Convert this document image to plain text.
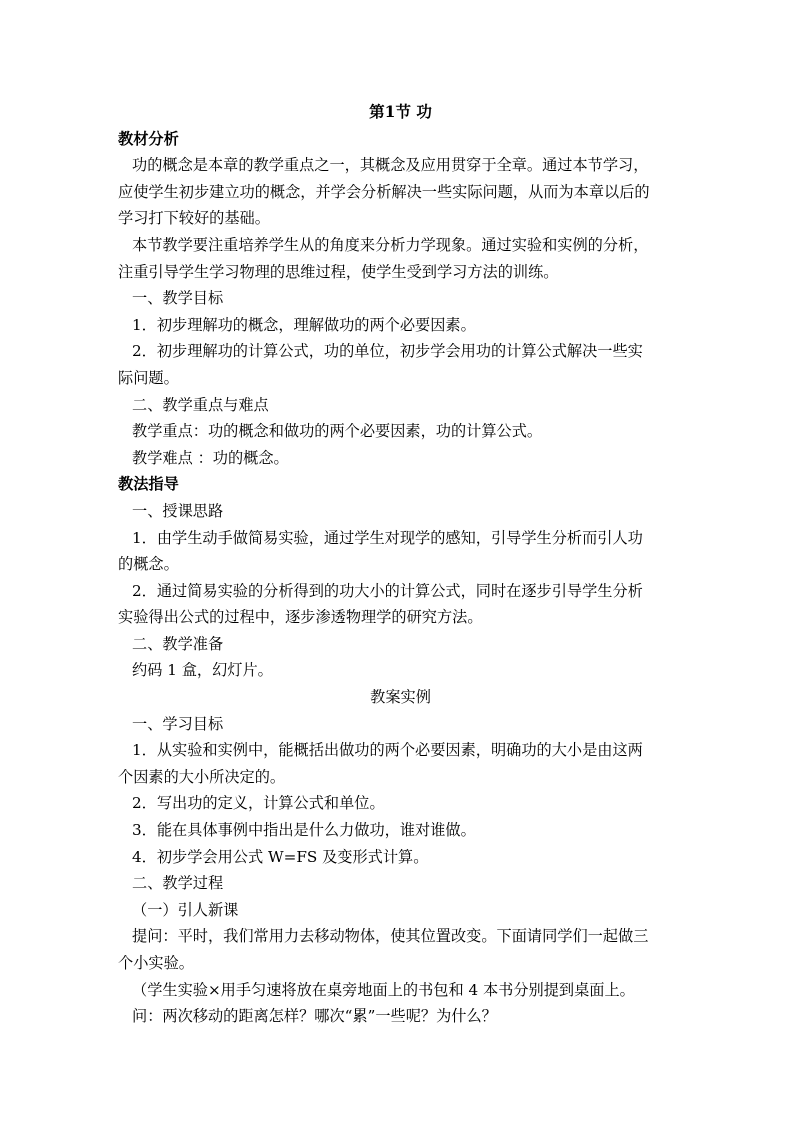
第1节 功

教材分析

功的概念是本章的教学重点之一，其概念及应用贯穿于全章。通过本节学习，

应使学生初步建立功的概念，并学会分析解决一些实际问题，从而为本章以后的

学习打下较好的基础。

本节教学要注重培养学生从的角度来分析力学现象。通过实验和实例的分析，

注重引导学生学习物理的思维过程，使学生受到学习方法的训练。

一、教学目标

1．初步理解功的概念，理解做功的两个必要因素。

2．初步理解功的计算公式，功的单位，初步学会用功的计算公式解决一些实

际问题。

二、教学重点与难点

教学重点：功的概念和做功的两个必要因素，功的计算公式。

教学难点 ：功的概念。

教法指导

一、授课思路

1．由学生动手做简易实验，通过学生对现学的感知，引导学生分析而引人功

的概念。

2．通过简易实验的分析得到的功大小的计算公式，同时在逐步引导学生分析

实验得出公式的过程中，逐步渗透物理学的研究方法。

二、教学准备

约码 1 盒，幻灯片。

教案实例

一、学习目标

1．从实验和实例中，能概括出做功的两个必要因素，明确功的大小是由这两

个因素的大小所决定的。

2．写出功的定义，计算公式和单位。

3．能在具体事例中指出是什么力做功，谁对谁做。

4．初步学会用公式 W=FS 及变形式计算。

二、教学过程

（一）引人新课

提问：平时，我们常用力去移动物体，使其位置改变。下面请同学们一起做三

个小实验。

（学生实验×用手匀速将放在桌旁地面上的书包和 4 本书分别提到桌面上。

问：两次移动的距离怎样？哪次“累”一些呢？为什么？
